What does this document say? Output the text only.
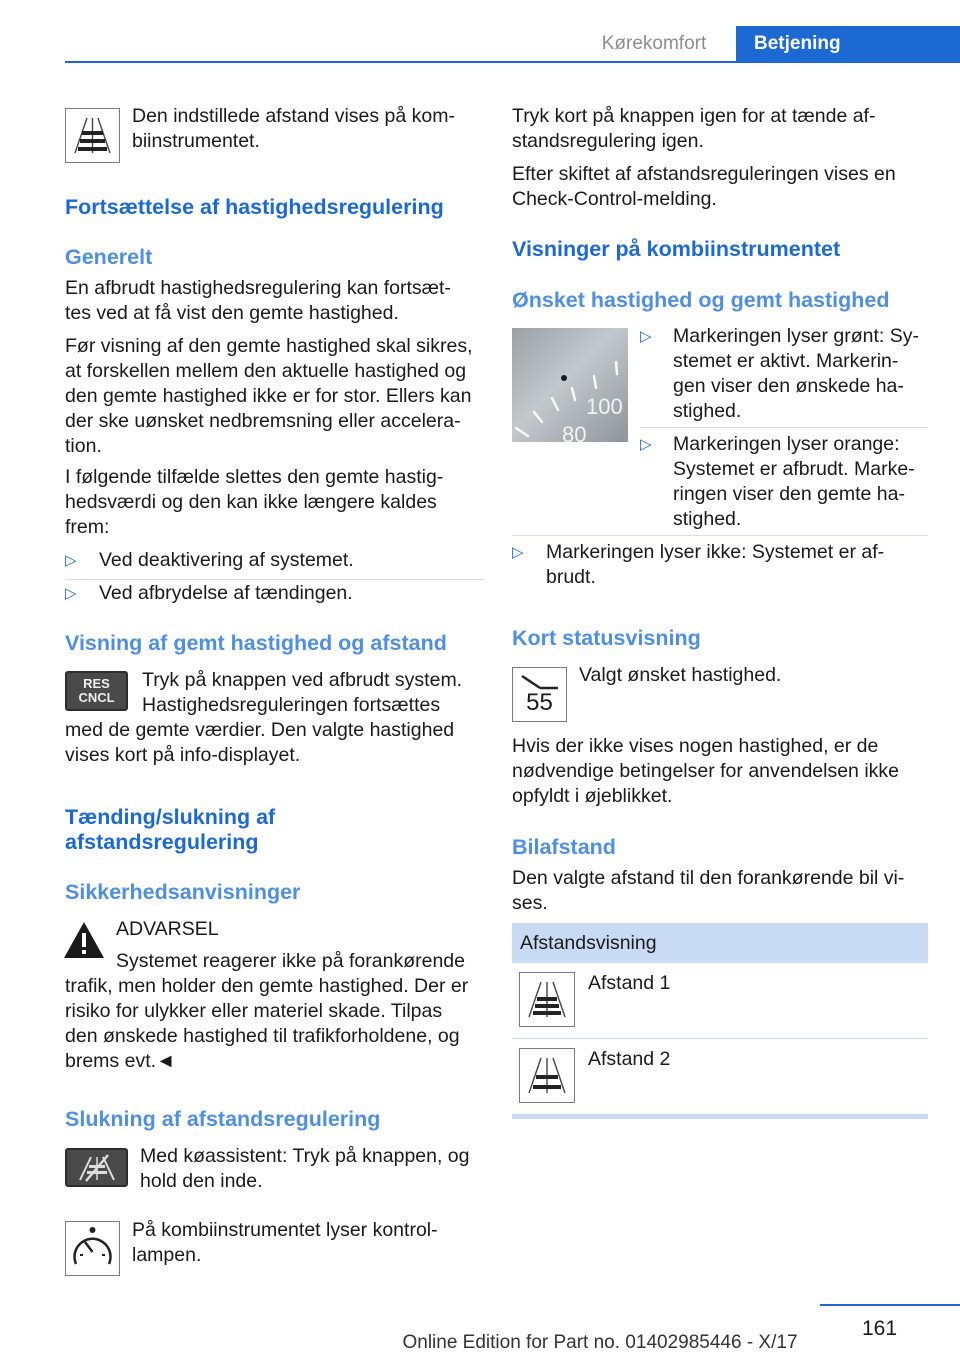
Kørekomfort	Betjening

Den indstillede afstand vises på kom-
biinstrumentet.

Fortsættelse af hastighedsregulering
Generelt

En afbrudt hastighedsregulering kan fortsæt-
tes ved at få vist den gemte hastighed.

Før visning af den gemte hastighed skal sikres,
at forskellen mellem den aktuelle hastighed og
den gemte hastighed ikke er for stor. Ellers kan
der ske uønsket nedbremsning eller accelera-
tion.

I følgende tilfælde slettes den gemte hastig-
hedsværdi og den kan ikke længere kaldes
frem:

▷ Ved deaktivering af systemet.
▷ Ved afbrydelse af tændingen.
Visning af gemt hastighed og afstand
RES
CNCL

Tryk på knappen ved afbrudt system.
Hastighedsreguleringen fortsættes

med de gemte værdier. Den valgte hastighed
vises kort på info-displayet.

Tænding/slukning af
afstandsregulering
Sikkerhedsanvisninger

ADVARSEL

Systemet reagerer ikke på forankørende

trafik, men holder den gemte hastighed. Der er
risiko for ulykker eller materiel skade. Tilpas
den ønskede hastighed til trafikforholdene, og
brems evt.◄

Slukning af afstandsregulering

Med køassistent: Tryk på knappen, og
hold den inde.

På kombiinstrumentet lyser kontrol-
lampen.

Tryk kort på knappen igen for at tænde af-
standsregulering igen.

Efter skiftet af afstandsreguleringen vises en
Check-Control-melding.

Visninger på kombiinstrumentet
Ønsket hastighed og gemt hastighed
100
80
▷ Markeringen lyser grønt: Sy-
stemet er aktivt. Markerin-
gen viser den ønskede ha-
stighed.
▷ Markeringen lyser orange:
Systemet er afbrudt. Marke-
ringen viser den gemte ha-
stighed.
▷ Markeringen lyser ikke: Systemet er af-
brudt.
Kort statusvisning
55

Valgt ønsket hastighed.

Hvis der ikke vises nogen hastighed, er de
nødvendige betingelser for anvendelsen ikke
opfyldt i øjeblikket.

Bilafstand

Den valgte afstand til den forankørende bil vi-
ses.

Afstandsvisning

Afstand 1

Afstand 2

161
Online Edition for Part no. 01402985446 - X/17
